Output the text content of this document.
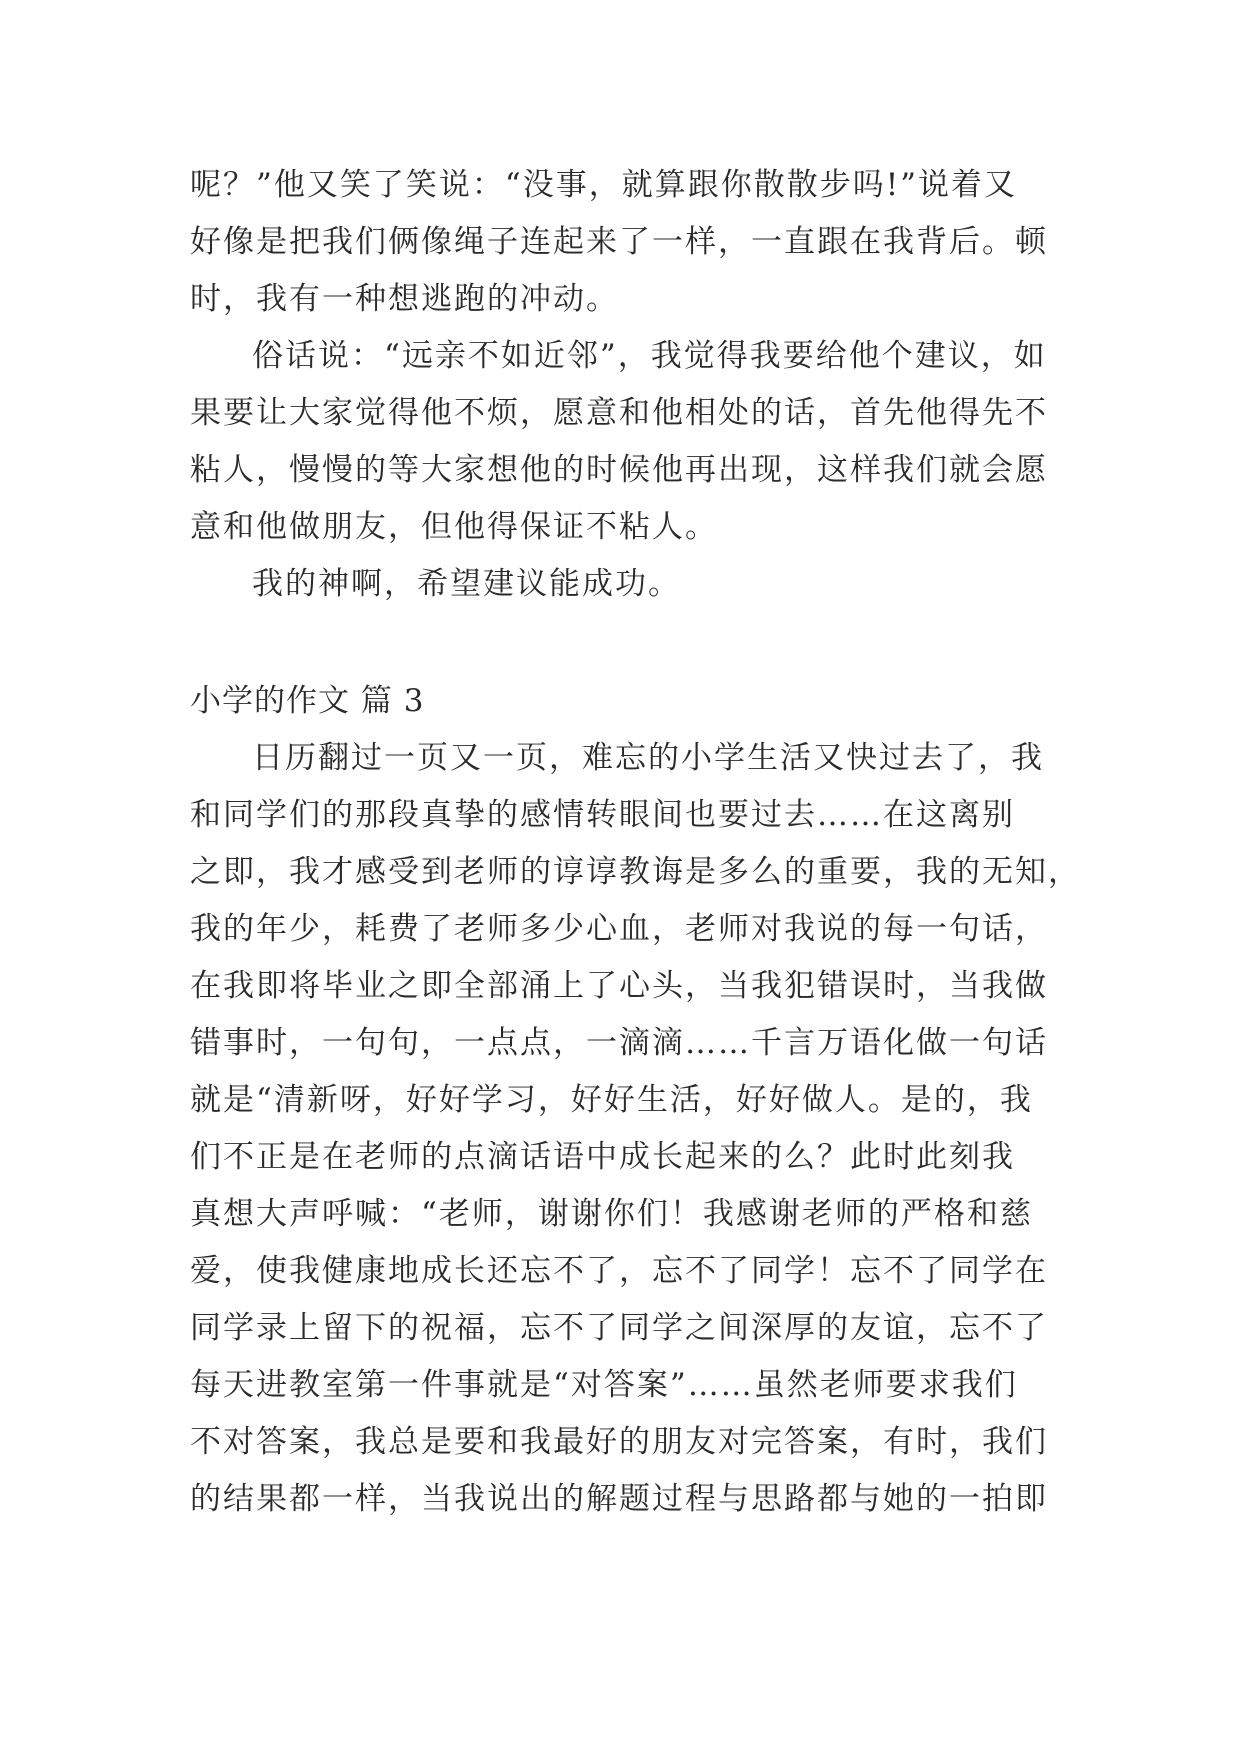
呢？”他又笑了笑说：“没事，就算跟你散散步吗!”说着又
好像是把我们俩像绳子连起来了一样，一直跟在我背后。顿
时，我有一种想逃跑的冲动。
俗话说：“远亲不如近邻”，我觉得我要给他个建议，如
果要让大家觉得他不烦，愿意和他相处的话，首先他得先不
粘人，慢慢的等大家想他的时候他再出现，这样我们就会愿
意和他做朋友，但他得保证不粘人。
我的神啊，希望建议能成功。
小学的作文 篇 3
日历翻过一页又一页，难忘的小学生活又快过去了，我
和同学们的那段真挚的感情转眼间也要过去……在这离别
之即，我才感受到老师的谆谆教诲是多么的重要，我的无知，
我的年少，耗费了老师多少心血，老师对我说的每一句话，
在我即将毕业之即全部涌上了心头，当我犯错误时，当我做
错事时，一句句，一点点，一滴滴……千言万语化做一句话
就是“清新呀，好好学习，好好生活，好好做人。是的，我
们不正是在老师的点滴话语中成长起来的么？此时此刻我
真想大声呼喊：“老师，谢谢你们！我感谢老师的严格和慈
爱，使我健康地成长还忘不了，忘不了同学！忘不了同学在
同学录上留下的祝福，忘不了同学之间深厚的友谊，忘不了
每天进教室第一件事就是“对答案”……虽然老师要求我们
不对答案，我总是要和我最好的朋友对完答案，有时，我们
的结果都一样，当我说出的解题过程与思路都与她的一拍即
